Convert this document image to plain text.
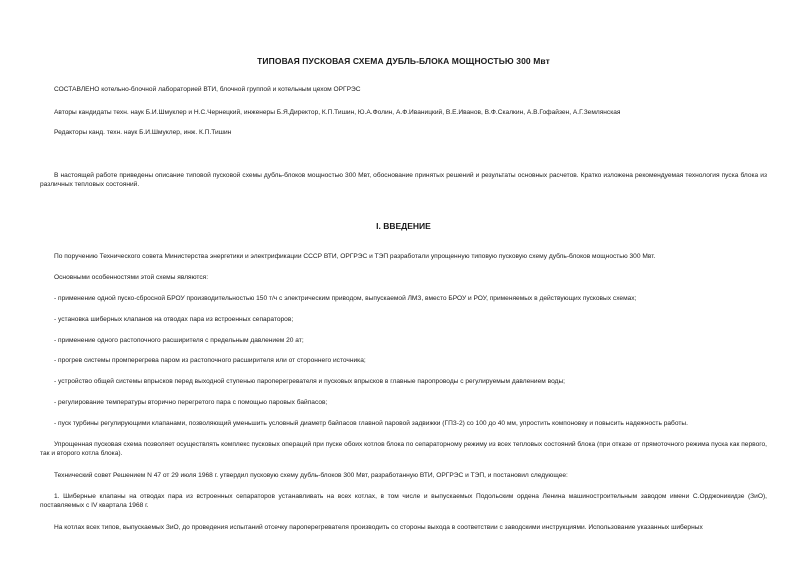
ТИПОВАЯ ПУСКОВАЯ СХЕМА ДУБЛЬ-БЛОКА МОЩНОСТЬЮ 300 Мвт
СОСТАВЛЕНО котельно-блочной лабораторией ВТИ, блочной группой и котельным цехом ОРГРЭС
Авторы кандидаты техн. наук Б.И.Шмуклер и Н.С.Чернецкий, инженеры Б.Я.Директор, К.П.Тишин, Ю.А.Фолин, А.Ф.Иваницкий, В.Е.Иванов, В.Ф.Скалкин, А.В.Гофайзен, А.Г.Землянская
Редакторы канд. техн. наук Б.И.Шмуклер, инж. К.П.Тишин
В настоящей работе приведены описание типовой пусковой схемы дубль-блоков мощностью 300 Мвт, обоснование принятых решений и результаты основных расчетов. Кратко изложена рекомендуемая технология пуска блока из различных тепловых состояний.
I. ВВЕДЕНИЕ
По поручению Технического совета Министерства энергетики и электрификации СССР ВТИ, ОРГРЭС и ТЭП разработали упрощенную типовую пусковую схему дубль-блоков мощностью 300 Мвт.
Основными особенностями этой схемы являются:
- применение одной пуско-сбросной БРОУ производительностью 150 т/ч с электрическим приводом, выпускаемой ЛМЗ, вместо БРОУ и РОУ, применяемых в действующих пусковых схемах;
- установка шиберных клапанов на отводах пара из встроенных сепараторов;
- применение одного растопочного расширителя с предельным давлением 20 ат;
- прогрев системы промперегрева паром из растопочного расширителя или от стороннего источника;
- устройство общей системы впрысков перед выходной ступенью пароперегревателя и пусковых впрысков в главные паропроводы с регулируемым давлением воды;
- регулирование температуры вторично перегретого пара с помощью паровых байпасов;
- пуск турбины регулирующими клапанами, позволяющий уменьшить условный диаметр байпасов главной паровой задвижки (ГПЗ-2) со 100 до 40 мм, упростить компоновку и повысить надежность работы.
Упрощенная пусковая схема позволяет осуществлять комплекс пусковых операций при пуске обоих котлов блока по сепараторному режиму из всех тепловых состояний блока (при отказе от прямоточного режима пуска как первого, так и второго котла блока).
Технический совет Решением N 47 от 29 июля 1968 г. утвердил пусковую схему дубль-блоков 300 Мвт, разработанную ВТИ, ОРГРЭС и ТЭП, и постановил следующее:
1. Шиберные клапаны на отводах пара из встроенных сепараторов устанавливать на всех котлах, в том числе и выпускаемых Подольским ордена Ленина машиностроительным заводом имени С.Орджоникидзе (ЗиО), поставляемых с IV квартала 1968 г.
На котлах всех типов, выпускаемых ЗиО, до проведения испытаний отсечку пароперегревателя производить со стороны выхода в соответствии с заводскими инструкциями. Использование указанных шиберных
